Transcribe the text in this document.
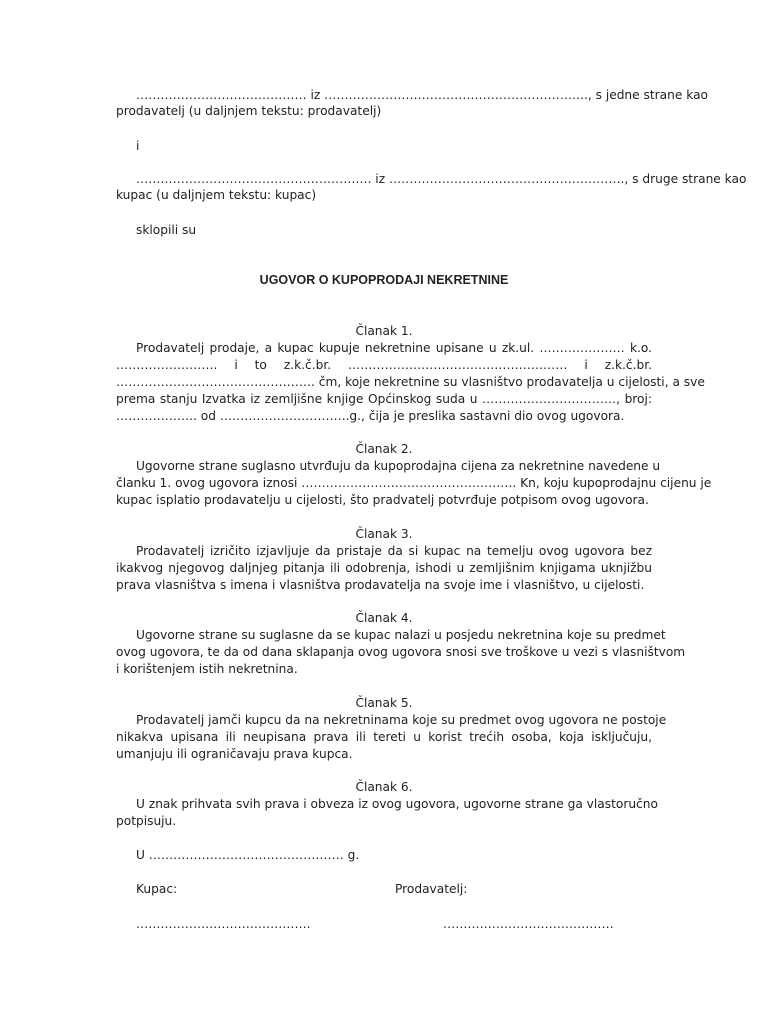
…………………………………… iz ……………………………………………………….., s jedne strane kao
prodavatelj (u daljnjem tekstu: prodavatelj)
i
…………………………………………………. iz …………………………………………………., s druge strane kao
kupac (u daljnjem tekstu: kupac)
sklopili su
UGOVOR O KUPOPRODAJI NEKRETNINE
Članak 1.
Prodavatelj prodaje, a kupac kupuje nekretnine upisane u zk.ul. ………………… k.o.
……………………. i to z.k.č.br. ……………………………………………… i z.k.č.br.
…………………………………………. čm, koje nekretnine su vlasništvo prodavatelja u cijelosti, a sve
prema stanju Izvatka iz zemljišne knjige Općinskog suda u ……………………………, broj:
……………….. od …………………………..g., čija je preslika sastavni dio ovog ugovora.
Članak 2.
Ugovorne strane suglasno utvrđuju da kupoprodajna cijena za nekretnine navedene u
članku 1. ovog ugovora iznosi …………………………………………….. Kn, koju kupoprodajnu cijenu je
kupac isplatio prodavatelju u cijelosti, što pradvatelj potvrđuje potpisom ovog ugovora.
Članak 3.
Prodavatelj izričito izjavljuje da pristaje da si kupac na temelju ovog ugovora bez
ikakvog njegovog daljnjeg pitanja ili odobrenja, ishodi u zemljišnim knjigama uknjižbu
prava vlasništva s imena i vlasništva prodavatelja na svoje ime i vlasništvo, u cijelosti.
Članak 4.
Ugovorne strane su suglasne da se kupac nalazi u posjedu nekretnina koje su predmet
ovog ugovora, te da od dana sklapanja ovog ugovora snosi sve troškove u vezi s vlasništvom
i korištenjem istih nekretnina.
Članak 5.
Prodavatelj jamči kupcu da na nekretninama koje su predmet ovog ugovora ne postoje
nikakva upisana ili neupisana prava ili tereti u korist trećih osoba, koja isključuju,
umanjuju ili ograničavaju prava kupca.
Članak 6.
U znak prihvata svih prava i obveza iz ovog ugovora, ugovorne strane ga vlastoručno
potpisuju.
U ………………………………………… g.
Kupac:	Prodavatelj:
…………………………………….	……………………………………
